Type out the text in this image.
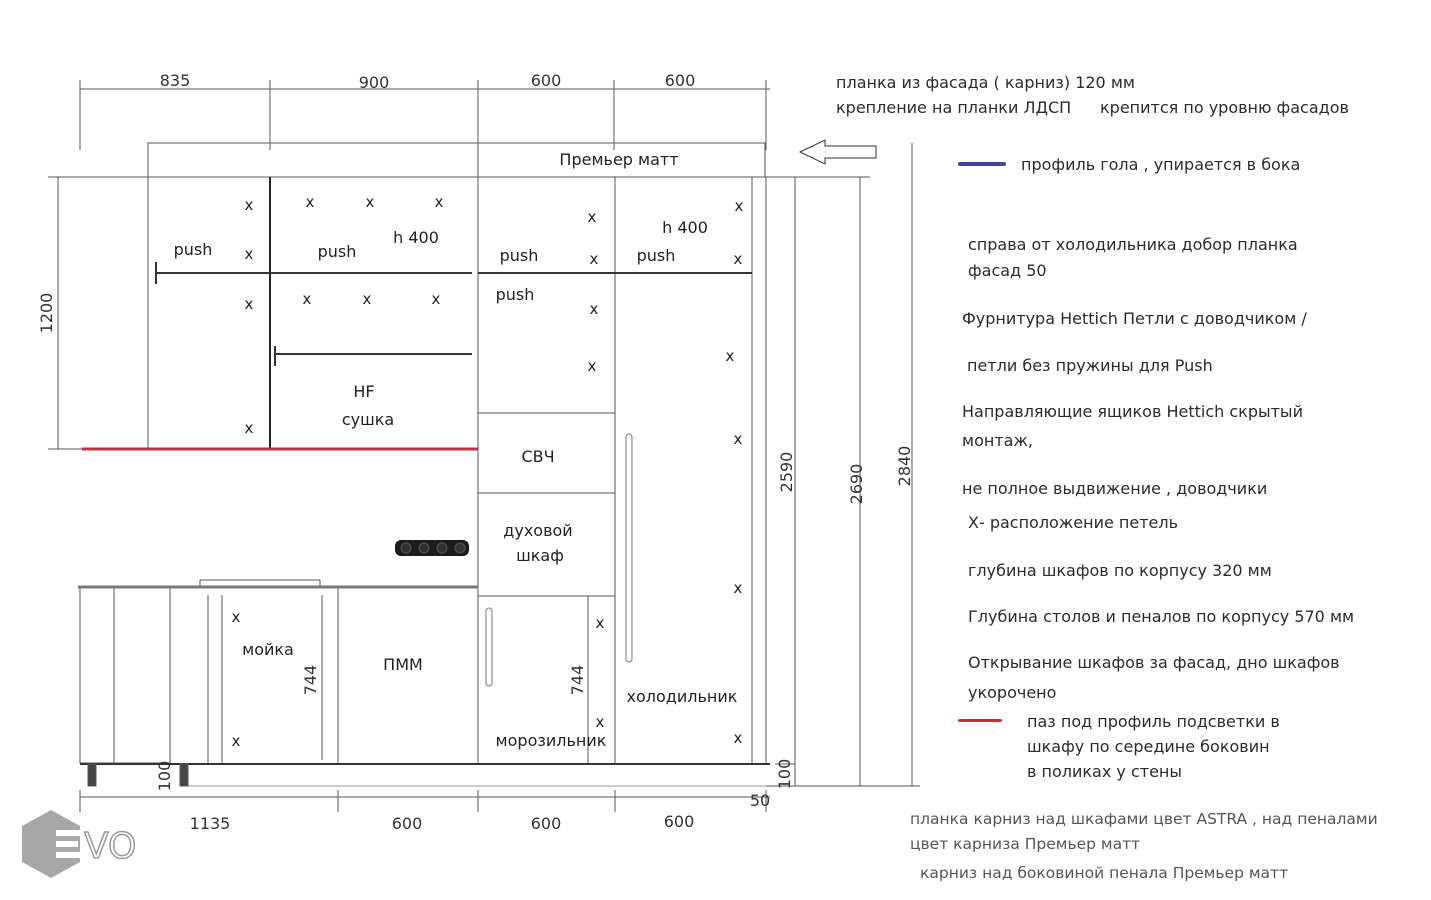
835	900	600	600
1135	600	600	600
1200
2590	2690 2840
100	100
50
744	744
Премьер матт
push	push	push	push
push
h 400
h 400
HF
сушка
СВЧ
духовой
шкаф
мойка
ПММ
морозильник
холодильник
x
x
x
x
x	x	x
x	x	x
x
x
x
x
x
x
x
x
x
x
x
x
x
x
планка из фасада ( карниз) 120 мм
крепление на планки ЛДСП крепится по уровню фасадов
профиль гола , упирается в бока
справа от холодильника добор планка
фасад 50
Фурнитура Hettich Петли с доводчиком /
петли без пружины для Push
Направляющие ящиков Hettich скрытый
монтаж,
не полное выдвижение , доводчики
Х- расположение петель
глубина шкафов по корпусу 320 мм
Глубина столов и пеналов по корпусу 570 мм
Открывание шкафов за фасад, дно шкафов
укорочено
паз под профиль подсветки в
шкафу по середине боковин
в поликах у стены
планка карниз над шкафами цвет ASTRA , над пеналами
цвет карниза Премьер матт
карниз над боковиной пенала Премьер матт
VO
